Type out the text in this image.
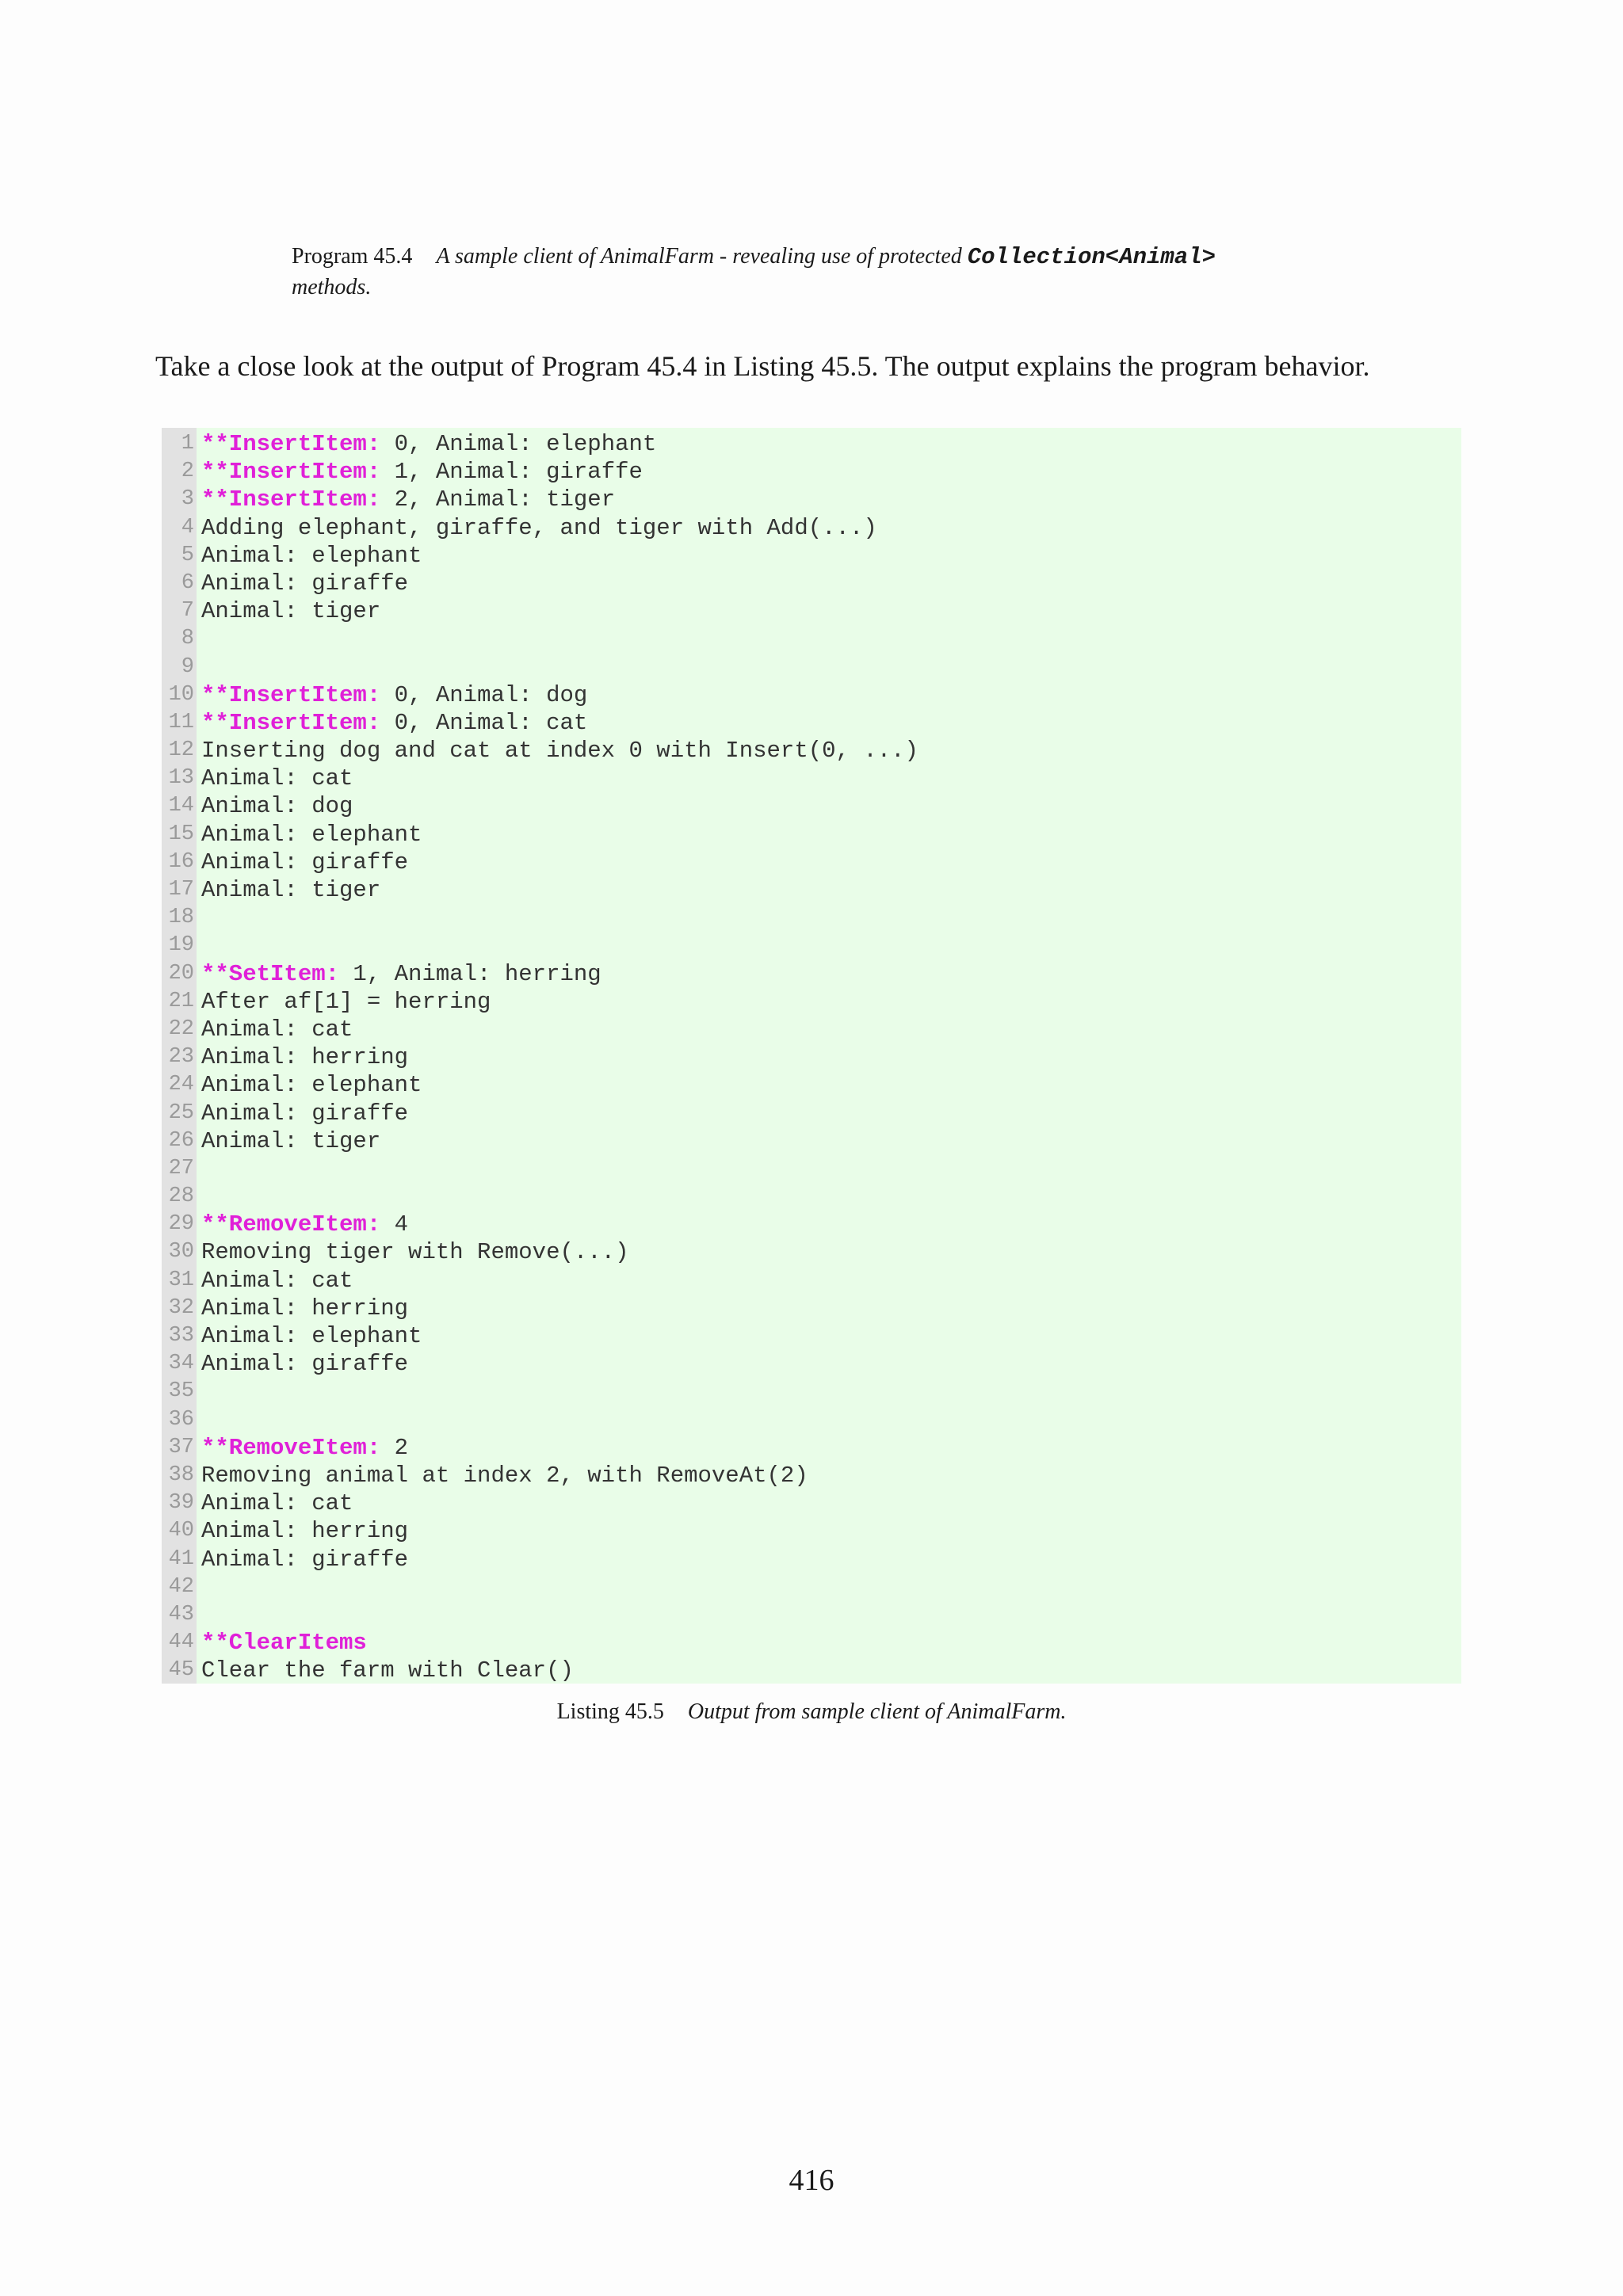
Program 45.4 A sample client of AnimalFarm - revealing use of protected Collection<Animal>
methods.
Take a close look at the output of Program 45.4 in Listing 45.5. The output explains the program behavior.
1 **InsertItem: 0, Animal: elephant
2 **InsertItem: 1, Animal: giraffe
3 **InsertItem: 2, Animal: tiger
4 Adding elephant, giraffe, and tiger with Add(...)
5 Animal: elephant
6 Animal: giraffe
7 Animal: tiger
8
9
10 **InsertItem: 0, Animal: dog
11 **InsertItem: 0, Animal: cat
12 Inserting dog and cat at index 0 with Insert(0, ...)
13 Animal: cat
14 Animal: dog
15 Animal: elephant
16 Animal: giraffe
17 Animal: tiger
18
19
20 **SetItem: 1, Animal: herring
21 After af[1] = herring
22 Animal: cat
23 Animal: herring
24 Animal: elephant
25 Animal: giraffe
26 Animal: tiger
27
28
29 **RemoveItem: 4
30 Removing tiger with Remove(...)
31 Animal: cat
32 Animal: herring
33 Animal: elephant
34 Animal: giraffe
35
36
37 **RemoveItem: 2
38 Removing animal at index 2, with RemoveAt(2)
39 Animal: cat
40 Animal: herring
41 Animal: giraffe
42
43
44 **ClearItems
45 Clear the farm with Clear()
Listing 45.5 Output from sample client of AnimalFarm.
416
